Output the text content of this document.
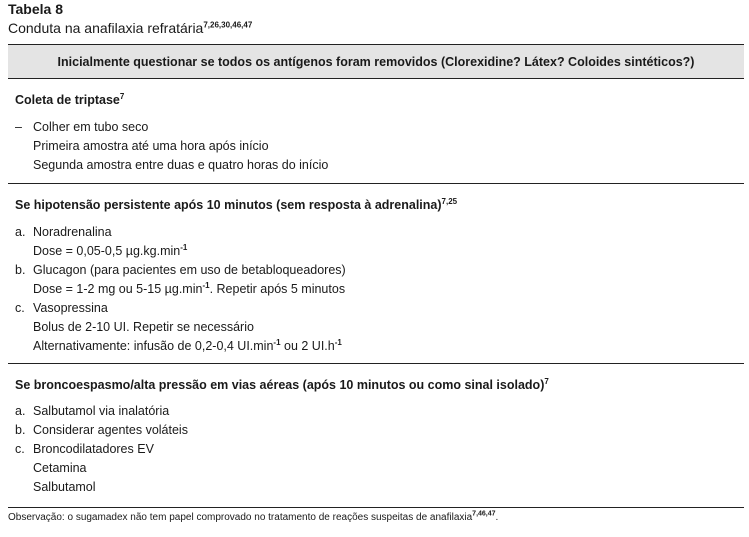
Tabela 8
Conduta na anafilaxia refratária$^{7,26,30,46,47}$
Inicialmente questionar se todos os antígenos foram removidos (Clorexidine? Látex? Coloides sintéticos?)
Coleta de triptase$^7$
– Colher em tubo seco
Primeira amostra até uma hora após início
Segunda amostra entre duas e quatro horas do início
Se hipotensão persistente após 10 minutos (sem resposta à adrenalina)$^{7,25}$
a. Noradrenalina
Dose = 0,05-0,5 $\mu g.kg.\min^{-1}$
b. Glucagon (para pacientes em uso de betabloqueadores)
Dose = 1-2 mg ou 5-15 $\mu g.\min^{-1}$. Repetir após 5 minutos
c. Vasopressina
Bolus de 2-10 UI. Repetir se necessário
Alternativamente: infusão de 0,2-0,4 $UI.\min^{-1}$ ou 2 $UI.h^{-1}$
Se broncoespasmo/alta pressão em vias aéreas (após 10 minutos ou como sinal isolado)$^7$
a. Salbutamol via inalatória
b. Considerar agentes voláteis
c. Broncodilatadores EV
Cetamina
Salbutamol
Observação: o sugamadex não tem papel comprovado no tratamento de reações suspeitas de anafilaxia$^{7,46,47}$.
